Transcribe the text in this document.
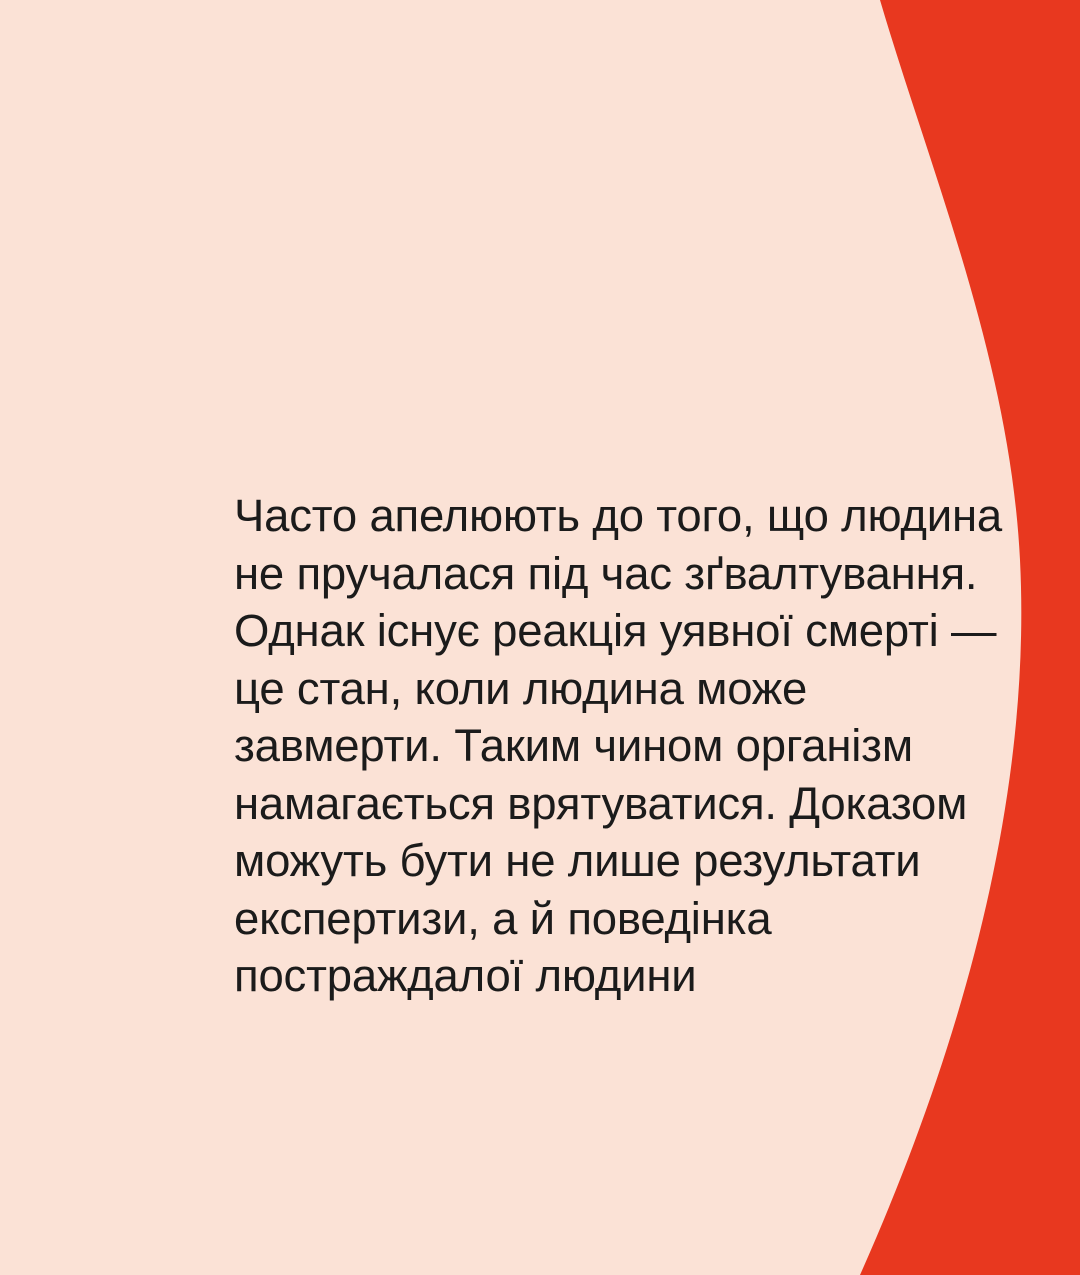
Часто апелюють до того, що людина не пручалася під час зґвалтування. Однак існує реакція уявної смерті — це стан, коли людина може завмерти. Таким чином організм намагається врятуватися. Доказом можуть бути не лише результати експертизи, а й поведінка постраждалої людини
